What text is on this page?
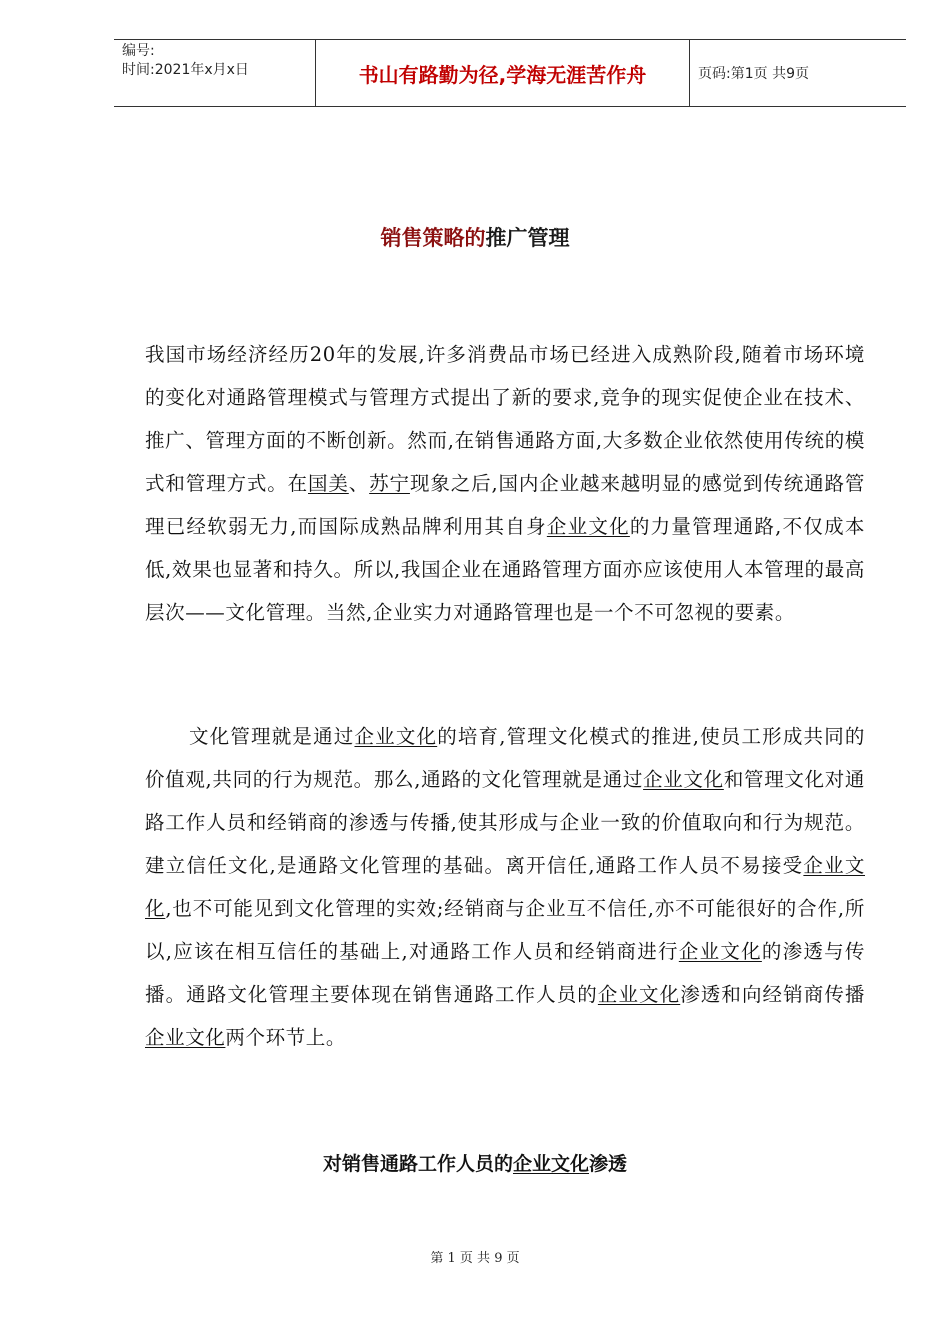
编号:
时间:2021年x月x日	书山有路勤为径,学海无涯苦作舟	页码:第1页 共9页
销售策略的推广管理

我国市场经济经历20年的发展,许多消费品市场已经进入成熟阶段,随着市场环境的变化对通路管理模式与管理方式提出了新的要求,竞争的现实促使企业在技术、推广、管理方面的不断创新。然而,在销售通路方面,大多数企业依然使用传统的模式和管理方式。在国美、苏宁现象之后,国内企业越来越明显的感觉到传统通路管理已经软弱无力,而国际成熟品牌利用其自身企业文化的力量管理通路,不仅成本低,效果也显著和持久。所以,我国企业在通路管理方面亦应该使用人本管理的最高层次——文化管理。当然,企业实力对通路管理也是一个不可忽视的要素。

文化管理就是通过企业文化的培育,管理文化模式的推进,使员工形成共同的价值观,共同的行为规范。那么,通路的文化管理就是通过企业文化和管理文化对通路工作人员和经销商的渗透与传播,使其形成与企业一致的价值取向和行为规范。建立信任文化,是通路文化管理的基础。离开信任,通路工作人员不易接受企业文化,也不可能见到文化管理的实效;经销商与企业互不信任,亦不可能很好的合作,所以,应该在相互信任的基础上,对通路工作人员和经销商进行企业文化的渗透与传播。通路文化管理主要体现在销售通路工作人员的企业文化渗透和向经销商传播企业文化两个环节上。

对销售通路工作人员的企业文化渗透
第 1 页 共 9 页
